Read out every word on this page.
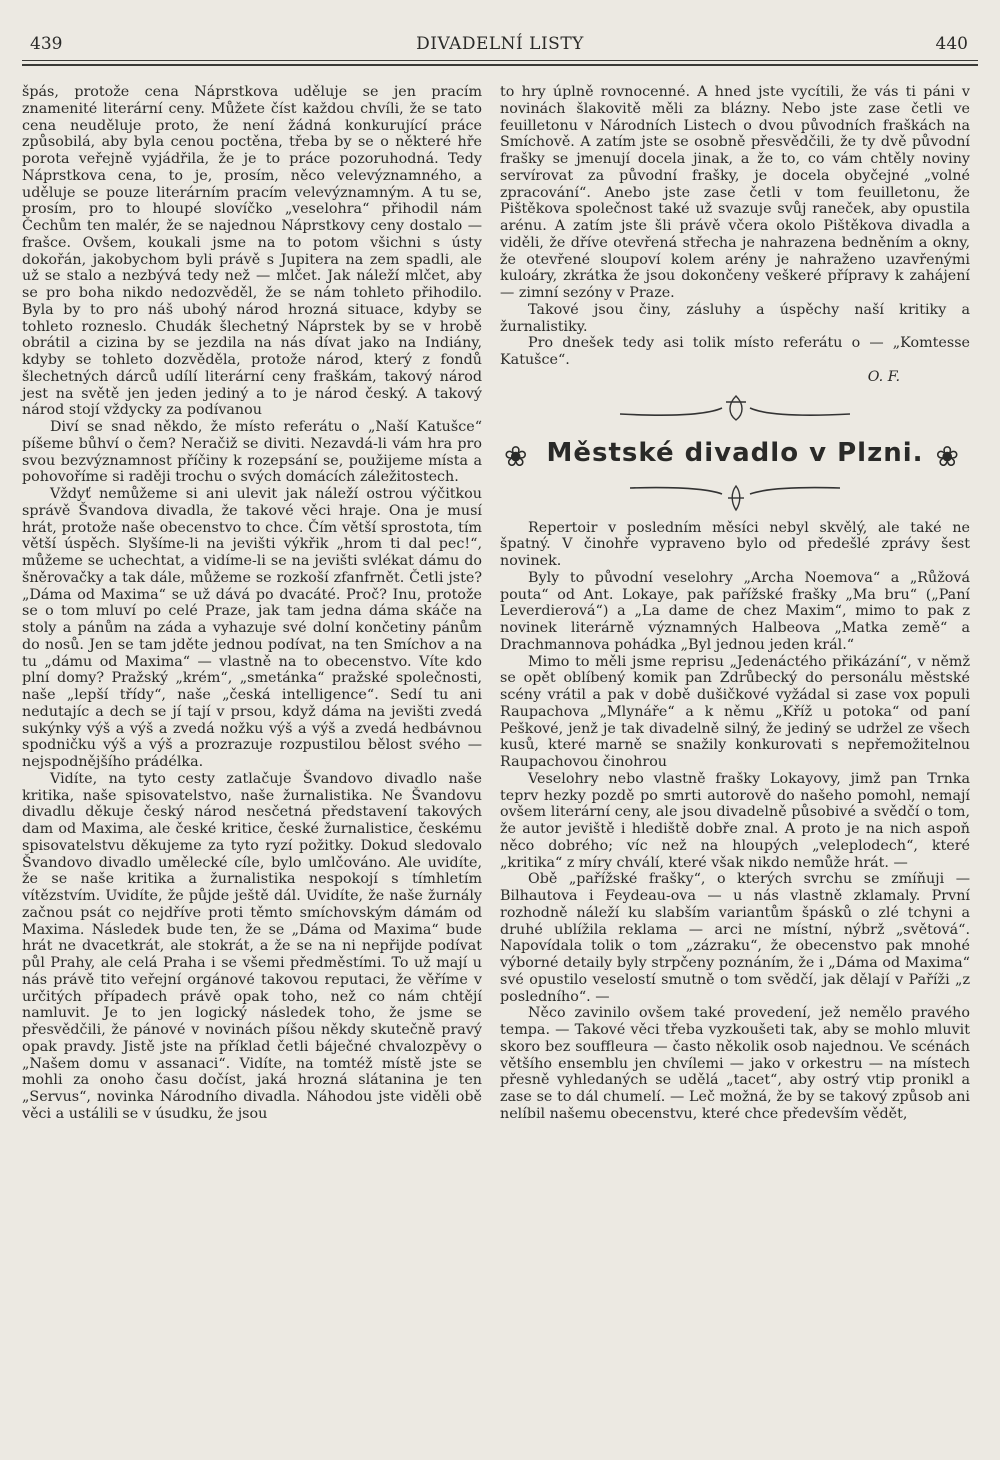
439	DIVADELNÍ LISTY	440

špás, protože cena Náprstkova uděluje se jen pracím znamenité literární ceny. Můžete číst každou chvíli, že se tato cena neuděluje proto, že není žádná konkurující práce způsobilá, aby byla cenou poctěna, třeba by se o některé hře porota veřejně vyjádřila, že je to práce pozoruhodná. Tedy Náprstkova cena, to je, prosím, něco velevýznamného, a uděluje se pouze literárním pracím velevýznamným. A tu se, prosím, pro to hloupé slovíčko „veselohra“ přihodil nám Čechům ten malér, že se najednou Náprstkovy ceny dostalo — frašce. Ovšem, koukali jsme na to potom všichni s ústy dokořán, jakobychom byli právě s Jupitera na zem spadli, ale už se stalo a nezbývá tedy než — mlčet. Jak náleží mlčet, aby se pro boha nikdo nedozvěděl, že se nám tohleto přihodilo. Byla by to pro náš ubohý národ hrozná situace, kdyby se tohleto rozneslo. Chudák šlechetný Náprstek by se v hrobě obrátil a cizina by se jezdila na nás dívat jako na Indiány, kdyby se tohleto dozvěděla, protože národ, který z fondů šlechetných dárců udílí literární ceny fraškám, takový národ jest na světě jen jeden jediný a to je národ český. A takový národ stojí vždycky za podívanou

Diví se snad někdo, že místo referátu o „Naší Katušce“ píšeme bůhví o čem? Neračiž se diviti. Nezavdá-li vám hra pro svou bezvýznamnost příčiny k rozepsání se, použijeme místa a pohovoříme si raději trochu o svých domácích záležitostech.

Vždyť nemůžeme si ani ulevit jak náleží ostrou výčitkou správě Švandova divadla, že takové věci hraje. Ona je musí hrát, protože naše obecenstvo to chce. Čím větší sprostota, tím větší úspěch. Slyšíme-li na jevišti výkřik „hrom ti dal pec!“, můžeme se uchechtat, a vidíme-li se na jevišti svlékat dámu do šněrovačky a tak dále, můžeme se rozkoší zfanfrnět. Četli jste? „Dáma od Maxima“ se už dává po dvacáté. Proč? Inu, protože se o tom mluví po celé Praze, jak tam jedna dáma skáče na stoly a pánům na záda a vyhazuje své dolní končetiny pánům do nosů. Jen se tam jděte jednou podívat, na ten Smíchov a na tu „dámu od Maxima“ — vlastně na to obecenstvo. Víte kdo plní domy? Pražský „krém“, „smetánka“ pražské společnosti, naše „lepší třídy“, naše „česká intelligence“. Sedí tu ani nedutajíc a dech se jí tají v prsou, když dáma na jevišti zvedá sukýnky výš a výš a zvedá nožku výš a výš a zvedá hedbávnou spodničku výš a výš a prozrazuje rozpustilou bělost svého — nejspodnějšího prádélka.

Vidíte, na tyto cesty zatlačuje Švandovo divadlo naše kritika, naše spisovatelstvo, naše žurnalistika. Ne Švandovu divadlu děkuje český národ nesčetná představení takových dam od Maxima, ale české kritice, české žurnalistice, českému spisovatelstvu děkujeme za tyto ryzí požitky. Dokud sledovalo Švandovo divadlo umělecké cíle, bylo umlčováno. Ale uvidíte, že se naše kritika a žurnalistika nespokojí s tímhletím vítězstvím. Uvidíte, že půjde ještě dál. Uvidíte, že naše žurnály začnou psát co nejdříve proti těmto smíchovským dámám od Maxima. Následek bude ten, že se „Dáma od Maxima“ bude hrát ne dvacetkrát, ale stokrát, a že se na ni nepřijde podívat půl Prahy, ale celá Praha i se všemi předměstími. To už mají u nás právě tito veřejní orgánové takovou reputaci, že věříme v určitých případech právě opak toho, než co nám chtějí namluvit. Je to jen logický následek toho, že jsme se přesvědčili, že pánové v novinách píšou někdy skutečně pravý opak pravdy. Jistě jste na příklad četli báječné chvalozpěvy o „Našem domu v assanaci“. Vidíte, na tomtéž místě jste se mohli za onoho času dočíst, jaká hrozná slátanina je ten „Servus“, novinka Národního divadla. Náhodou jste viděli obě věci a ustálili se v úsudku, že jsou

to hry úplně rovnocenné. A hned jste vycítili, že vás ti páni v novinách šlakovitě měli za blázny. Nebo jste zase četli ve feuilletonu v Národních Listech o dvou původních fraškách na Smíchově. A zatím jste se osobně přesvědčili, že ty dvě původní frašky se jmenují docela jinak, a že to, co vám chtěly noviny servírovat za původní frašky, je docela obyčejné „volné zpracování“. Anebo jste zase četli v tom feuilletonu, že Pištěkova společnost také už svazuje svůj raneček, aby opustila arénu. A zatím jste šli právě včera okolo Pištěkova divadla a viděli, že dříve otevřená střecha je nahrazena bedněním a okny, že otevřené sloupoví kolem arény je nahraženo uzavřenými kuloáry, zkrátka že jsou dokončeny veškeré přípravy k zahájení — zimní sezóny v Praze.

Takové jsou činy, zásluhy a úspěchy naší kritiky a žurnalistiky.

Pro dnešek tedy asi tolik místo referátu o — „Komtesse Katušce“.

O. F.
❀ Městské divadlo v Plzni. ❀

Repertoir v posledním měsíci nebyl skvělý, ale také ne špatný. V činohře vypraveno bylo od předešlé zprávy šest novinek.

Byly to původní veselohry „Archa Noemova“ a „Růžová pouta“ od Ant. Lokaye, pak pařížské frašky „Ma bru“ („Paní Leverdierová“) a „La dame de chez Maxim“, mimo to pak z novinek literárně významných Halbeova „Matka země“ a Drachmannova pohádka „Byl jednou jeden král.“

Mimo to měli jsme reprisu „Jedenáctého přikázání“, v němž se opět oblíbený komik pan Zdrůbecký do personálu městské scény vrátil a pak v době dušičkové vyžádal si zase vox populi Raupachova „Mlynáře“ a k němu „Kříž u potoka“ od paní Peškové, jenž je tak divadelně silný, že jediný se udržel ze všech kusů, které marně se snažily konkurovati s nepřemožitelnou Raupachovou činohrou

Veselohry nebo vlastně frašky Lokayovy, jimž pan Trnka teprv hezky pozdě po smrti autorově do našeho pomohl, nemají ovšem literární ceny, ale jsou divadelně působivé a svědčí o tom, že autor jeviště i hlediště dobře znal. A proto je na nich aspoň něco dobrého; víc než na hloupých „veleplodech“, které „kritika“ z míry chválí, které však nikdo nemůže hrát. —

Obě „pařížské frašky“, o kterých svrchu se zmíňuji — Bilhautova i Feydeau-ova — u nás vlastně zklamaly. První rozhodně náleží ku slabším variantům špásků o zlé tchyni a druhé ublížila reklama — arci ne místní, nýbrž „světová“. Napovídala tolik o tom „zázraku“, že obecenstvo pak mnohé výborné detaily byly strpčeny poznáním, že i „Dáma od Maxima“ své opustilo veselostí smutně o tom svědčí, jak dělají v Paříži „z posledního“. —

Něco zavinilo ovšem také provedení, jež nemělo pravého tempa. — Takové věci třeba vyzkoušeti tak, aby se mohlo mluvit skoro bez souffleura — často několik osob najednou. Ve scénách většího ensemblu jen chvílemi — jako v orkestru — na místech přesně vyhledaných se udělá „tacet“, aby ostrý vtip pronikl a zase se to dál chumelí. — Leč možná, že by se takový způsob ani nelíbil našemu obecenstvu, které chce především vědět,
